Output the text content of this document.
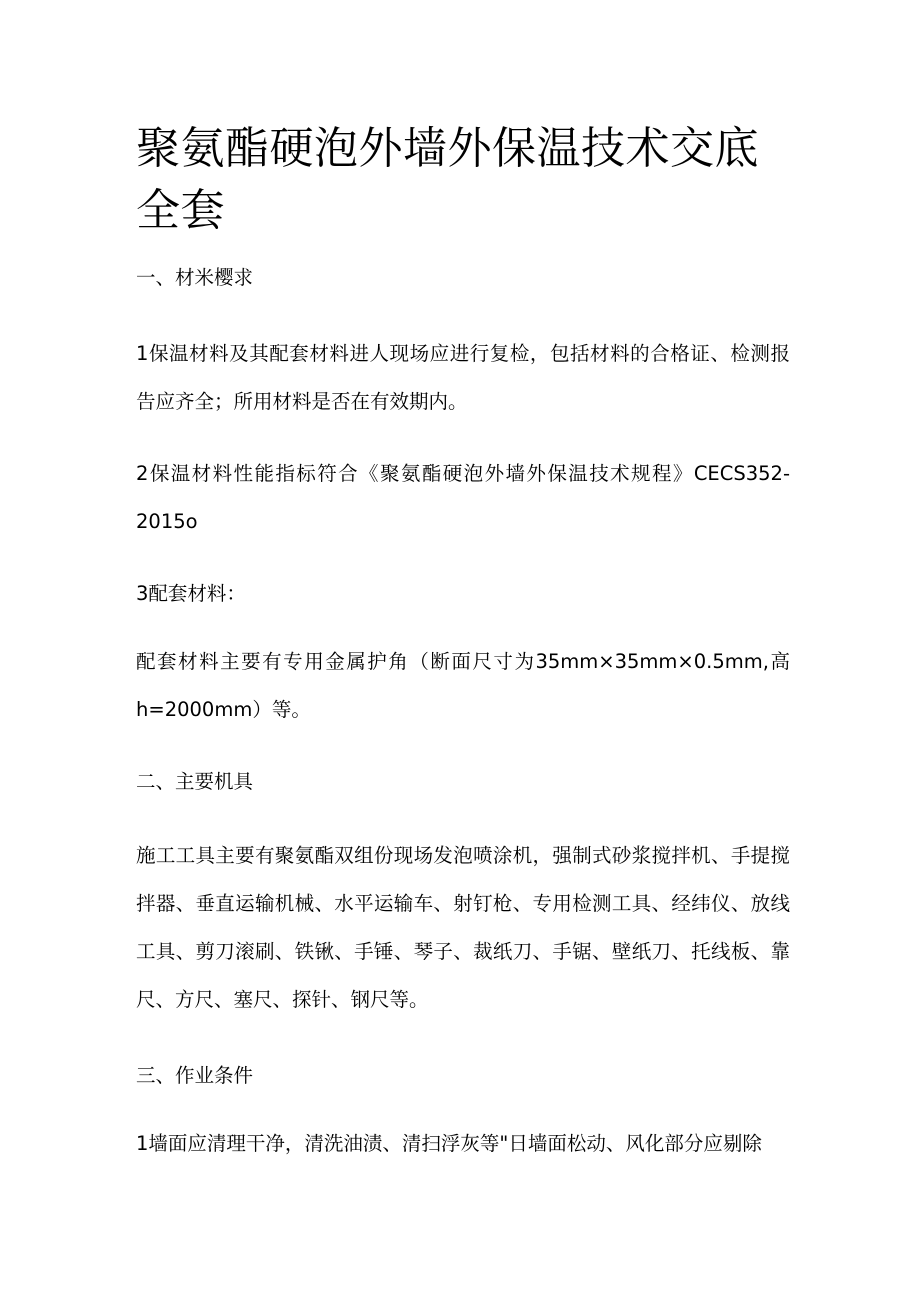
聚氨酯硬泡外墙外保温技术交底全套

一、材米樱求

1保温材料及其配套材料进人现场应进行复检，包括材料的合格证、检测报告应齐全；所用材料是否在有效期内。

2保温材料性能指标符合《聚氨酯硬泡外墙外保温技术规程》CECS352-2015o

3配套材料：

配套材料主要有专用金属护角（断面尺寸为35mm×35mm×0.5mm,高h=2000mm）等。

二、主要机具

施工工具主要有聚氨酯双组份现场发泡喷涂机，强制式砂浆搅拌机、手提搅拌器、垂直运输机械、水平运输车、射钉枪、专用检测工具、经纬仪、放线工具、剪刀滚刷、铁锹、手锤、琴子、裁纸刀、手锯、壁纸刀、托线板、靠尺、方尺、塞尺、探针、钢尺等。

三、作业条件

1墙面应清理干净，清洗油渍、清扫浮灰等"日墙面松动、风化部分应剔除
